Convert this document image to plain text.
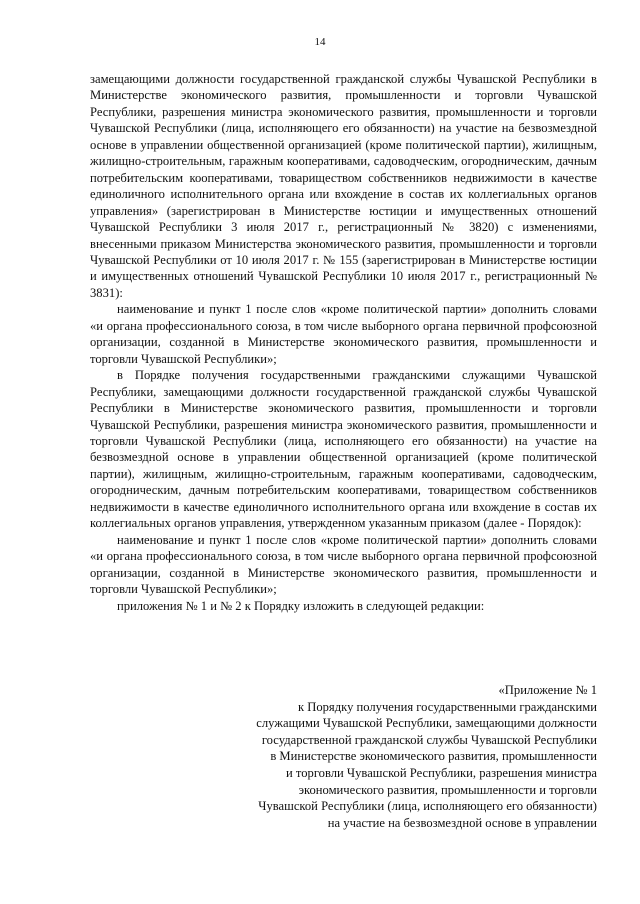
14

замещающими должности государственной гражданской службы Чувашской Республики в Министерстве экономического развития, промышленности и торговли Чувашской Республики, разрешения министра экономического развития, промышленности и торговли Чувашской Республики (лица, исполняющего его обязанности) на участие на безвозмездной основе в управлении общественной организацией (кроме политической партии), жилищным, жилищно-строительным, гаражным кооперативами, садоводческим, огородническим, дачным потребительским кооперативами, товариществом собственников недвижимости в качестве единоличного исполнительного органа или вхождение в состав их коллегиальных органов управления» (зарегистрирован в Министерстве юстиции и имущественных отношений Чувашской Республики 3 июля 2017 г., регистрационный № 3820) с изменениями, внесенными приказом Министерства экономического развития, промышленности и торговли Чувашской Республики от 10 июля 2017 г. № 155 (зарегистрирован в Министерстве юстиции и имущественных отношений Чувашской Республики 10 июля 2017 г., регистрационный № 3831):

наименование и пункт 1 после слов «кроме политической партии» дополнить словами «и органа профессионального союза, в том числе выборного органа первичной профсоюзной организации, созданной в Министерстве экономического развития, промышленности и торговли Чувашской Республики»;

в Порядке получения государственными гражданскими служащими Чувашской Республики, замещающими должности государственной гражданской службы Чувашской Республики в Министерстве экономического развития, промышленности и торговли Чувашской Республики, разрешения министра экономического развития, промышленности и торговли Чувашской Республики (лица, исполняющего его обязанности) на участие на безвозмездной основе в управлении общественной организацией (кроме политической партии), жилищным, жилищно-строительным, гаражным кооперативами, садоводческим, огородническим, дачным потребительским кооперативами, товариществом собственников недвижимости в качестве единоличного исполнительного органа или вхождение в состав их коллегиальных органов управления, утвержденном указанным приказом (далее - Порядок):

наименование и пункт 1 после слов «кроме политической партии» дополнить словами «и органа профессионального союза, в том числе выборного органа первичной профсоюзной организации, созданной в Министерстве экономического развития, промышленности и торговли Чувашской Республики»;

приложения № 1 и № 2 к Порядку изложить в следующей редакции:

«Приложение № 1
к Порядку получения государственными гражданскими
служащими Чувашской Республики, замещающими должности
государственной гражданской службы Чувашской Республики
в Министерстве экономического развития, промышленности
и торговли Чувашской Республики, разрешения министра
экономического развития, промышленности и торговли
Чувашской Республики (лица, исполняющего его обязанности)
на участие на безвозмездной основе в управлении
